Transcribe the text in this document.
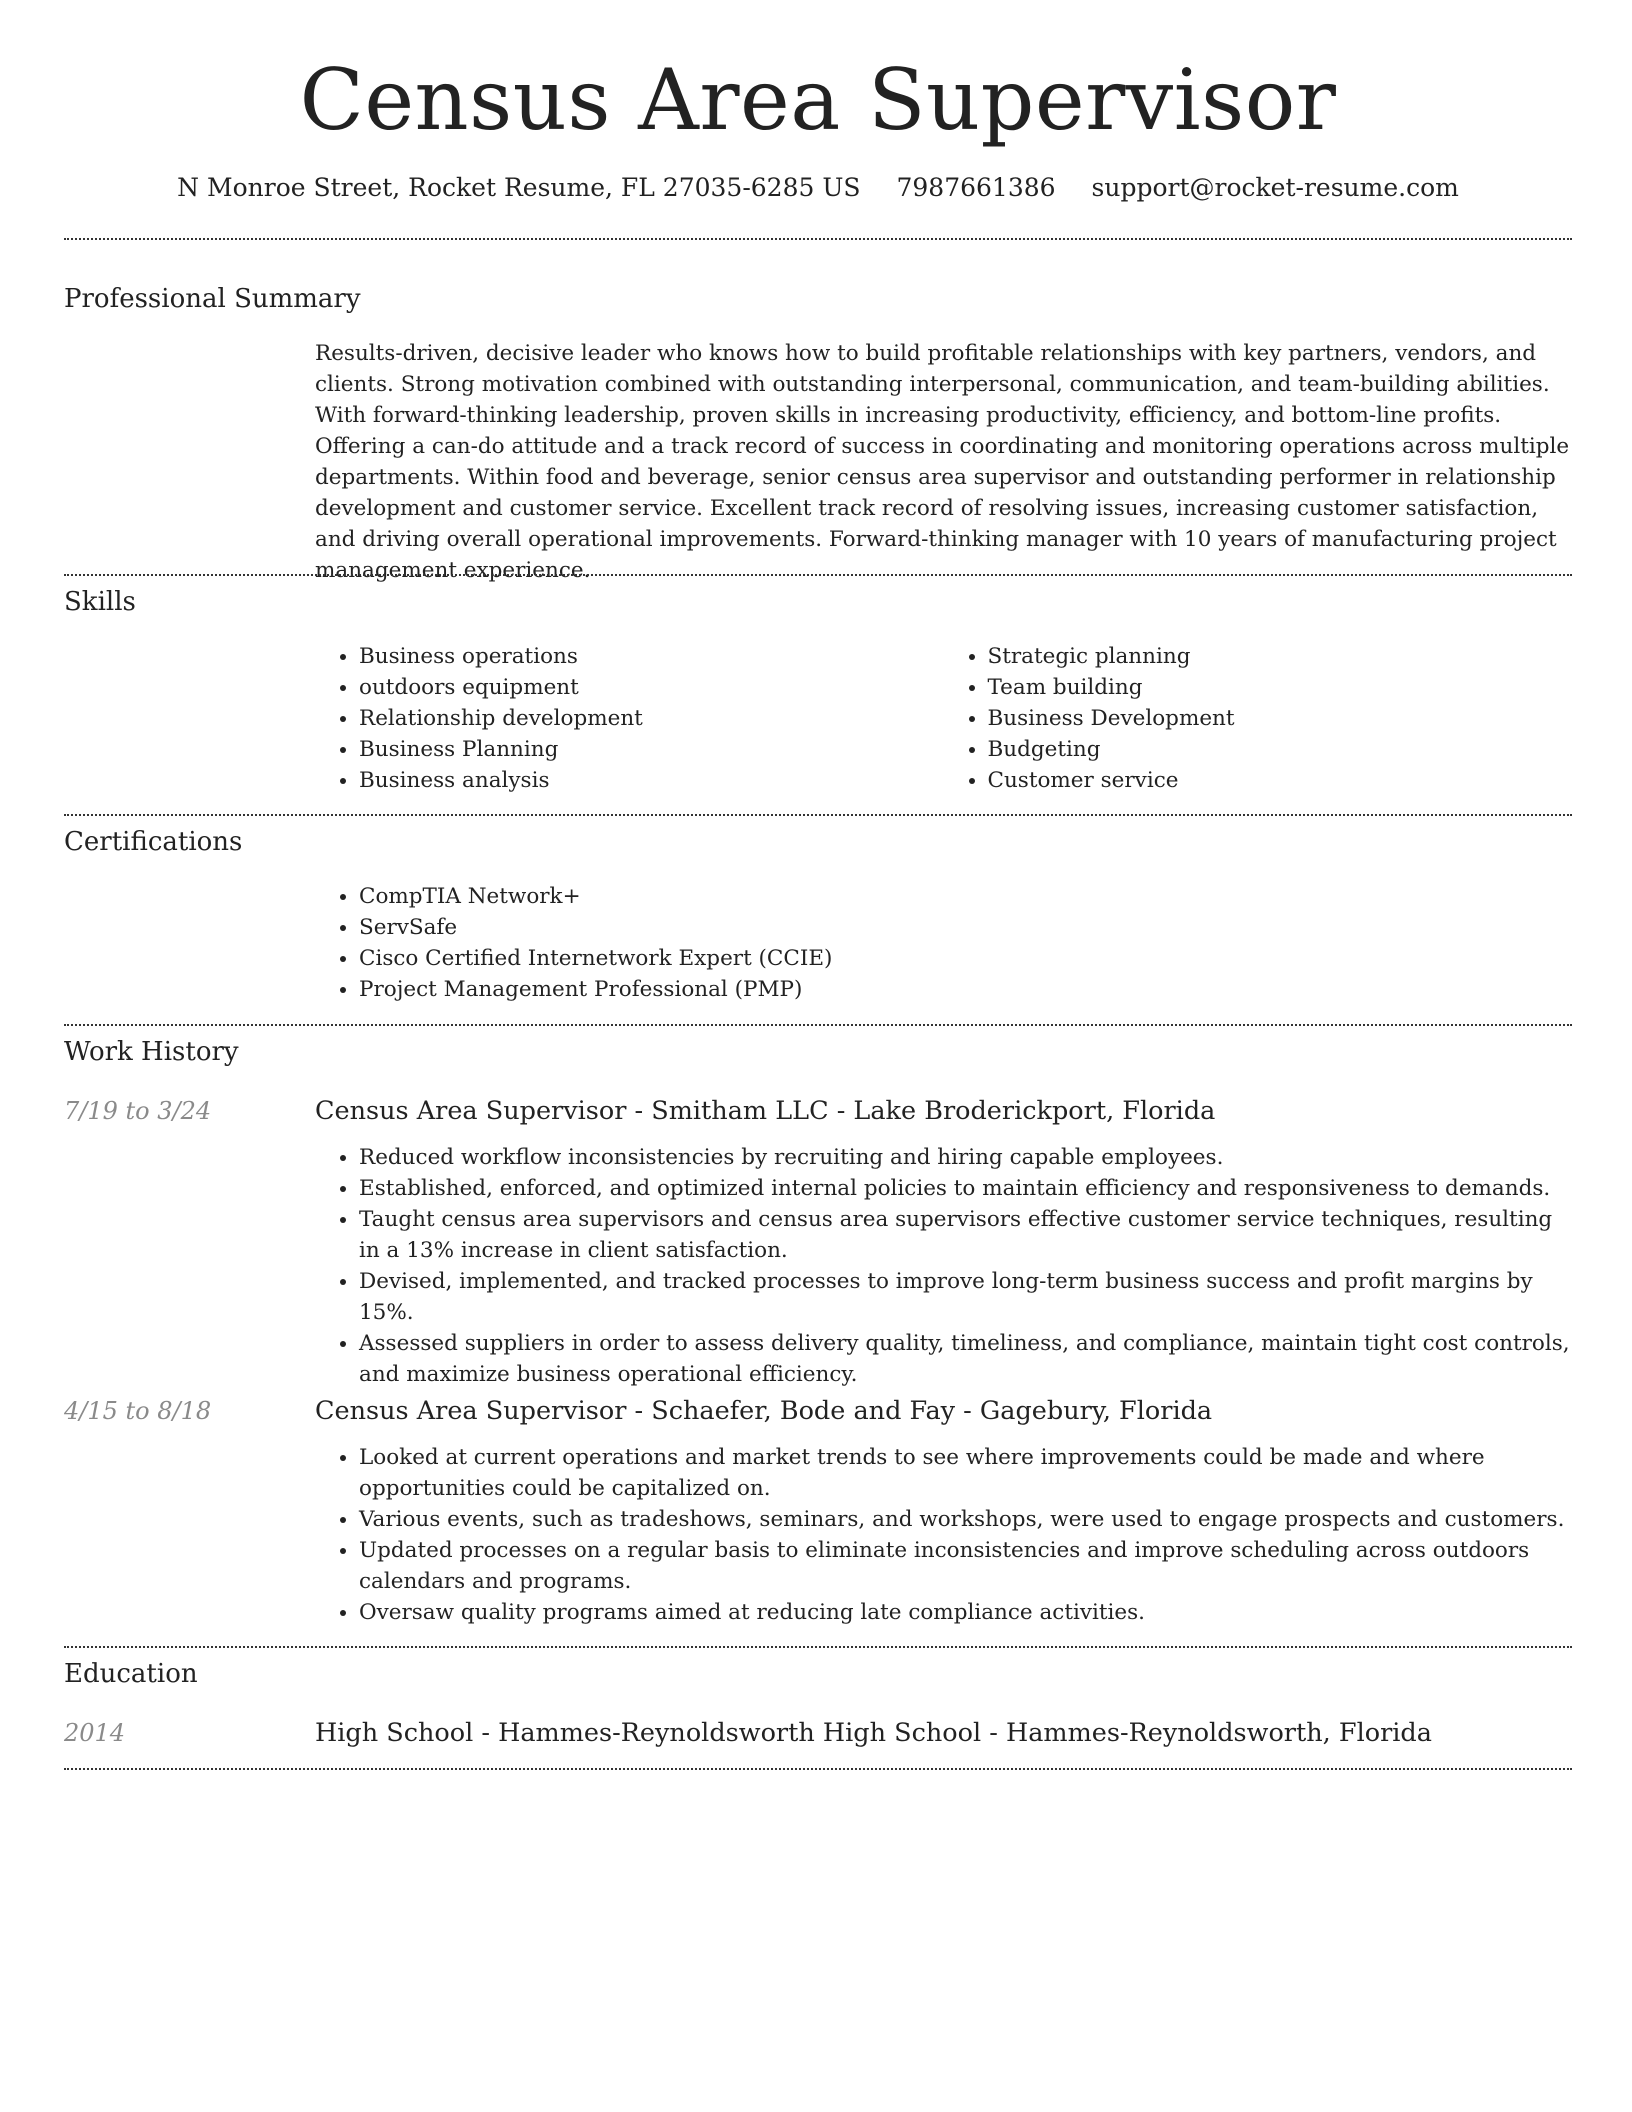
Census Area Supervisor
N Monroe Street, Rocket Resume, FL 27035-6285 US 7987661386 support@rocket-resume.com
Professional Summary

Results-driven, decisive leader who knows how to build profitable relationships with key partners, vendors, and clients. Strong motivation combined with outstanding interpersonal, communication, and team-building abilities. With forward-thinking leadership, proven skills in increasing productivity, efficiency, and bottom-line profits. Offering a can-do attitude and a track record of success in coordinating and monitoring operations across multiple departments. Within food and beverage, senior census area supervisor and outstanding performer in relationship development and customer service. Excellent track record of resolving issues, increasing customer satisfaction, and driving overall operational improvements. Forward-thinking manager with 10 years of manufacturing project management experience.

Skills
• Business operations
• outdoors equipment
• Relationship development
• Business Planning
• Business analysis
• Strategic planning
• Team building
• Business Development
• Budgeting
• Customer service
Certifications
• CompTIA Network+
• ServSafe
• Cisco Certified Internetwork Expert (CCIE)
• Project Management Professional (PMP)
Work History
7/19 to 3/24	Census Area Supervisor - Smitham LLC - Lake Broderickport, Florida
• Reduced workflow inconsistencies by recruiting and hiring capable employees.
• Established, enforced, and optimized internal policies to maintain efficiency and responsiveness to demands.
• Taught census area supervisors and census area supervisors effective customer service techniques, resulting in a 13% increase in client satisfaction.
• Devised, implemented, and tracked processes to improve long-term business success and profit margins by 15%.
• Assessed suppliers in order to assess delivery quality, timeliness, and compliance, maintain tight cost controls, and maximize business operational efficiency.
4/15 to 8/18	Census Area Supervisor - Schaefer, Bode and Fay - Gagebury, Florida
• Looked at current operations and market trends to see where improvements could be made and where opportunities could be capitalized on.
• Various events, such as tradeshows, seminars, and workshops, were used to engage prospects and customers.
• Updated processes on a regular basis to eliminate inconsistencies and improve scheduling across outdoors calendars and programs.
• Oversaw quality programs aimed at reducing late compliance activities.
Education
2014	High School - Hammes-Reynoldsworth High School - Hammes-Reynoldsworth, Florida
